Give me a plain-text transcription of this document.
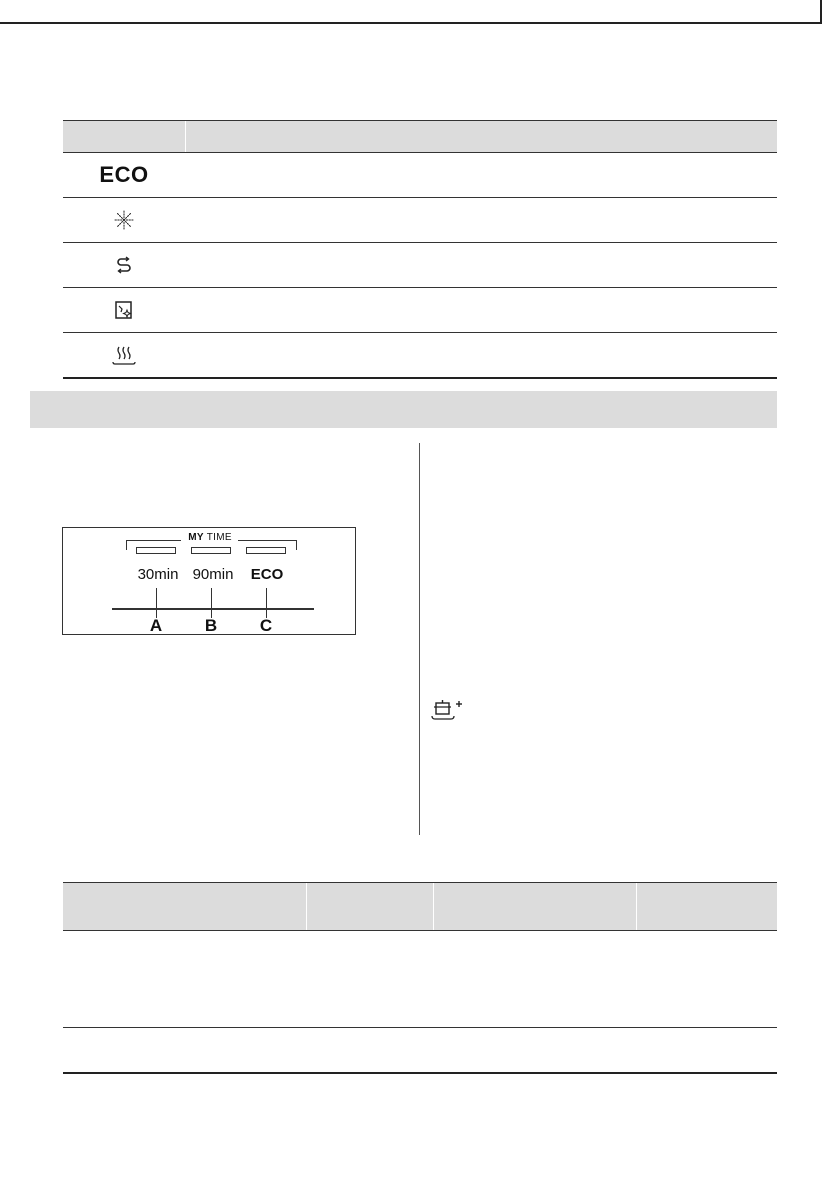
ECO
MY TIME
30min 90min	ECO
A	B	C
